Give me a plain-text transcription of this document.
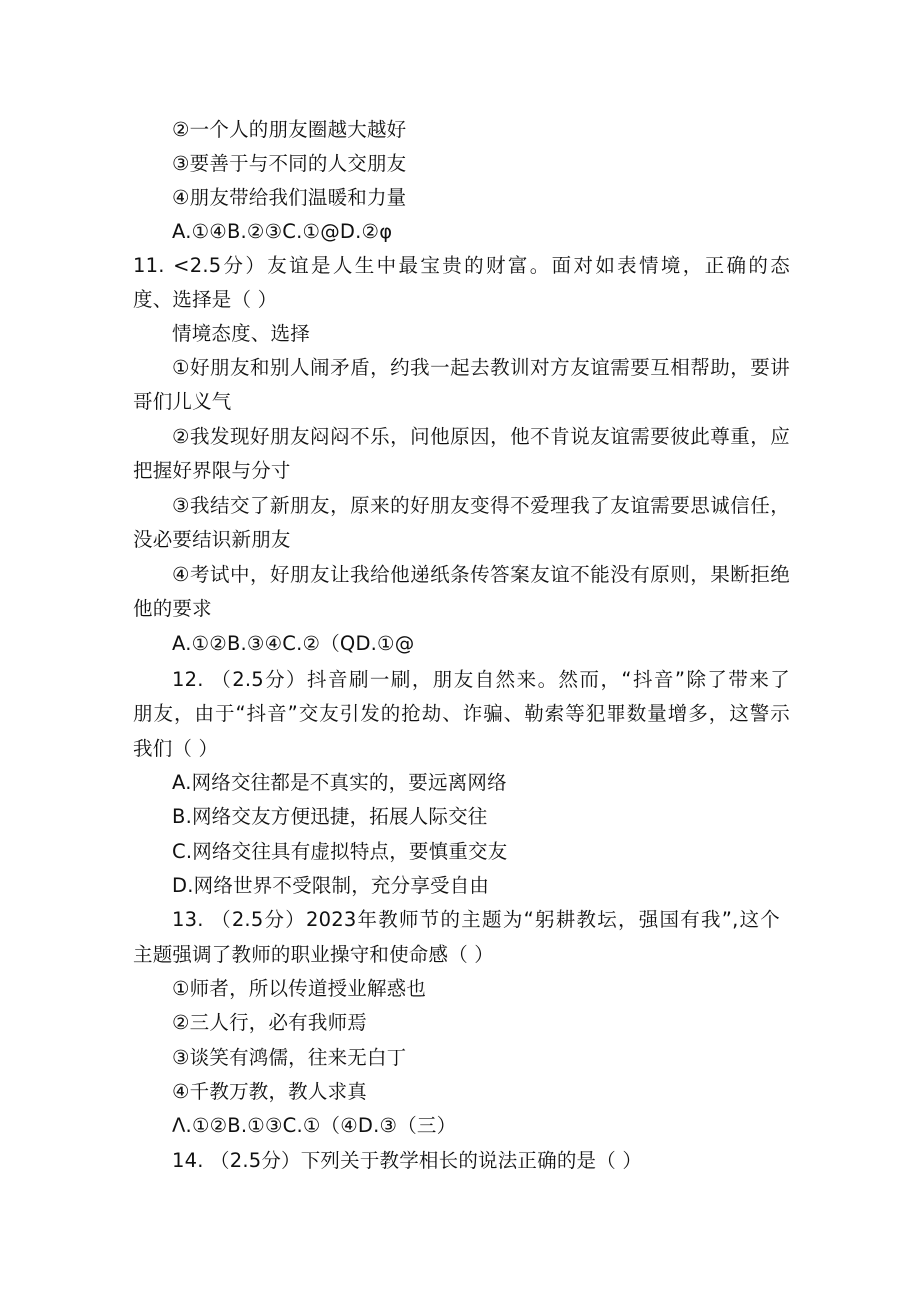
②一个人的朋友圈越大越好
③要善于与不同的人交朋友
④朋友带给我们温暖和力量
A.①④B.②③C.①@D.②φ
11. <2.5分）友谊是人生中最宝贵的财富。面对如表情境，正确的态
度、选择是（ ）
情境态度、选择
①好朋友和别人闹矛盾，约我一起去教训对方友谊需要互相帮助，要讲
哥们儿义气
②我发现好朋友闷闷不乐，问他原因，他不肯说友谊需要彼此尊重，应
把握好界限与分寸
③我结交了新朋友，原来的好朋友变得不爱理我了友谊需要思诚信任，
没必要结识新朋友
④考试中，好朋友让我给他递纸条传答案友谊不能没有原则，果断拒绝
他的要求
A.①②B.③④C.②（QD.①@
12. （2.5分）抖音刷一刷，朋友自然来。然而，“抖音”除了带来了
朋友，由于“抖音”交友引发的抢劫、诈骗、勒索等犯罪数量增多，这警示
我们（ ）
A.网络交往都是不真实的，要远离网络
B.网络交友方便迅捷，拓展人际交往
C.网络交往具有虚拟特点，要慎重交友
D.网络世界不受限制，充分享受自由
13. （2.5分）2023年教师节的主题为“躬耕教坛，强国有我”,这个
主题强调了教师的职业操守和使命感（ ）
①师者，所以传道授业解惑也
②三人行，必有我师焉
③谈笑有鸿儒，往来无白丁
④千教万教，教人求真
Λ.①②B.①③C.①（④D.③（三）
14. （2.5分）下列关于教学相长的说法正确的是（ ）
